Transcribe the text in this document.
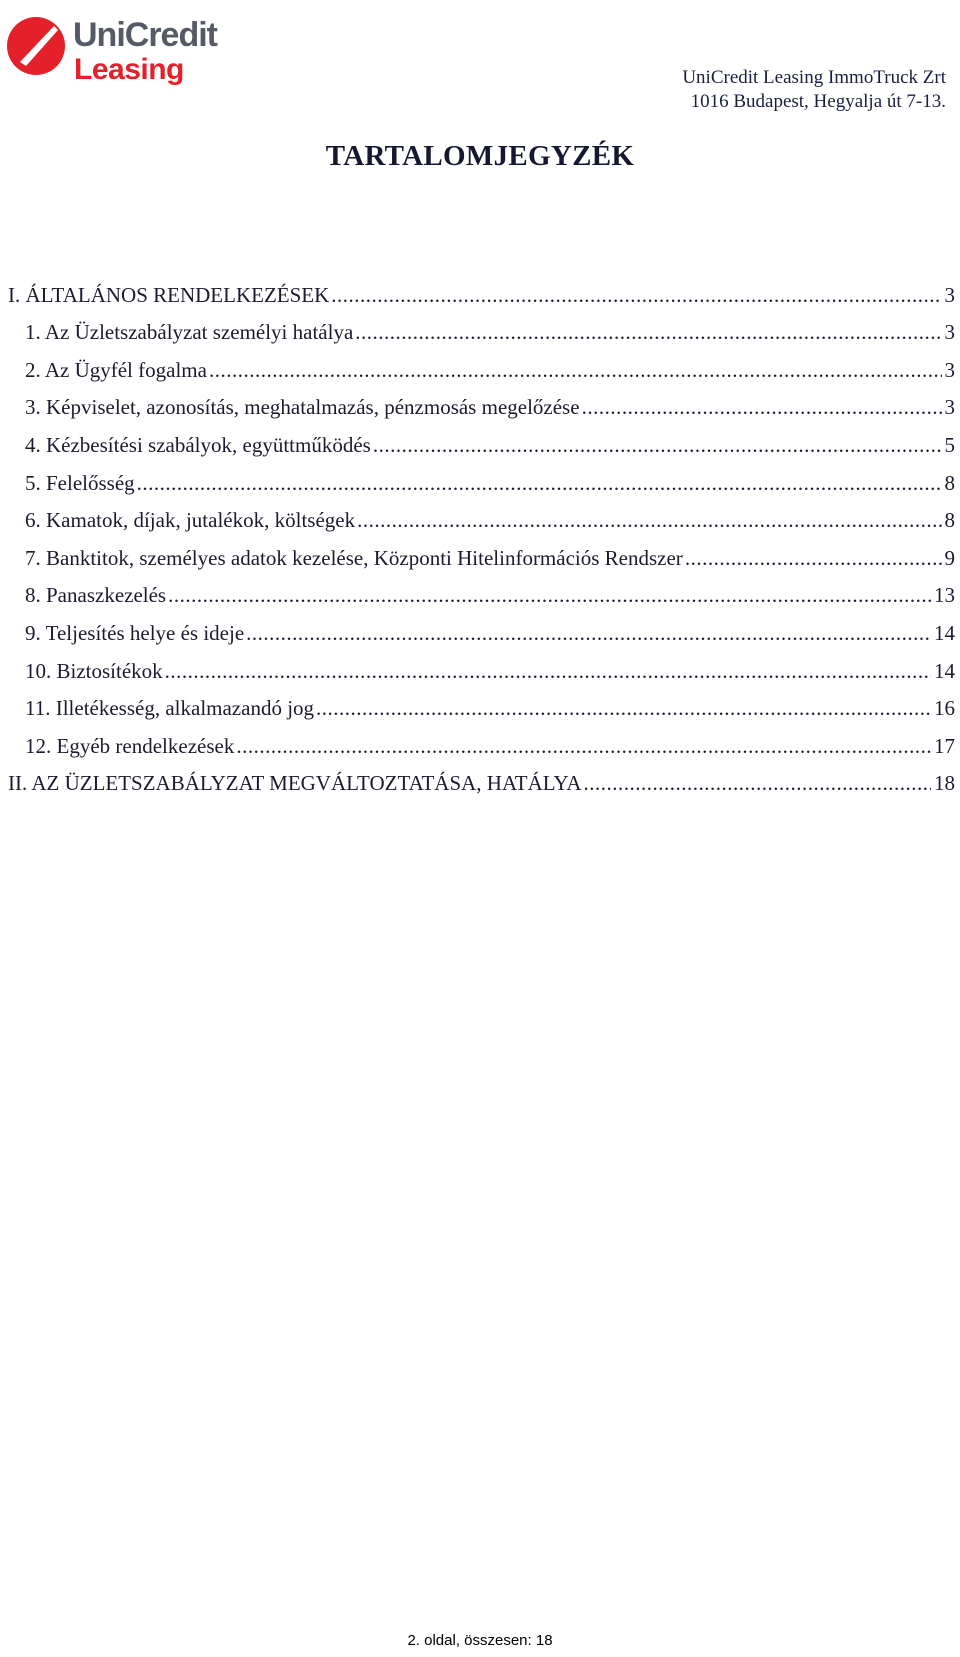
UniCredit
Leasing	UniCredit Leasing ImmoTruck Zrt
1016 Budapest, Hegyalja út 7-13.
TARTALOMJEGYZÉK
I. ÁLTALÁNOS RENDELKEZÉSEK .....	3
1. Az Üzletszabályzat személyi hatálya .....	3
2. Az Ügyfél fogalma .....	3
3. Képviselet, azonosítás, meghatalmazás, pénzmosás megelőzése .....	3
4. Kézbesítési szabályok, együttműködés .....	5
5. Felelősség .....	8
6. Kamatok, díjak, jutalékok, költségek .....	8
7. Banktitok, személyes adatok kezelése, Központi Hitelinformációs Rendszer .....	9
8. Panaszkezelés .....	13
9. Teljesítés helye és ideje .....	14
10. Biztosítékok .....	14
11. Illetékesség, alkalmazandó jog .....	16
12. Egyéb rendelkezések .....	17
II. AZ ÜZLETSZABÁLYZAT MEGVÁLTOZTATÁSA, HATÁLYA .....	18
2. oldal, összesen: 18
